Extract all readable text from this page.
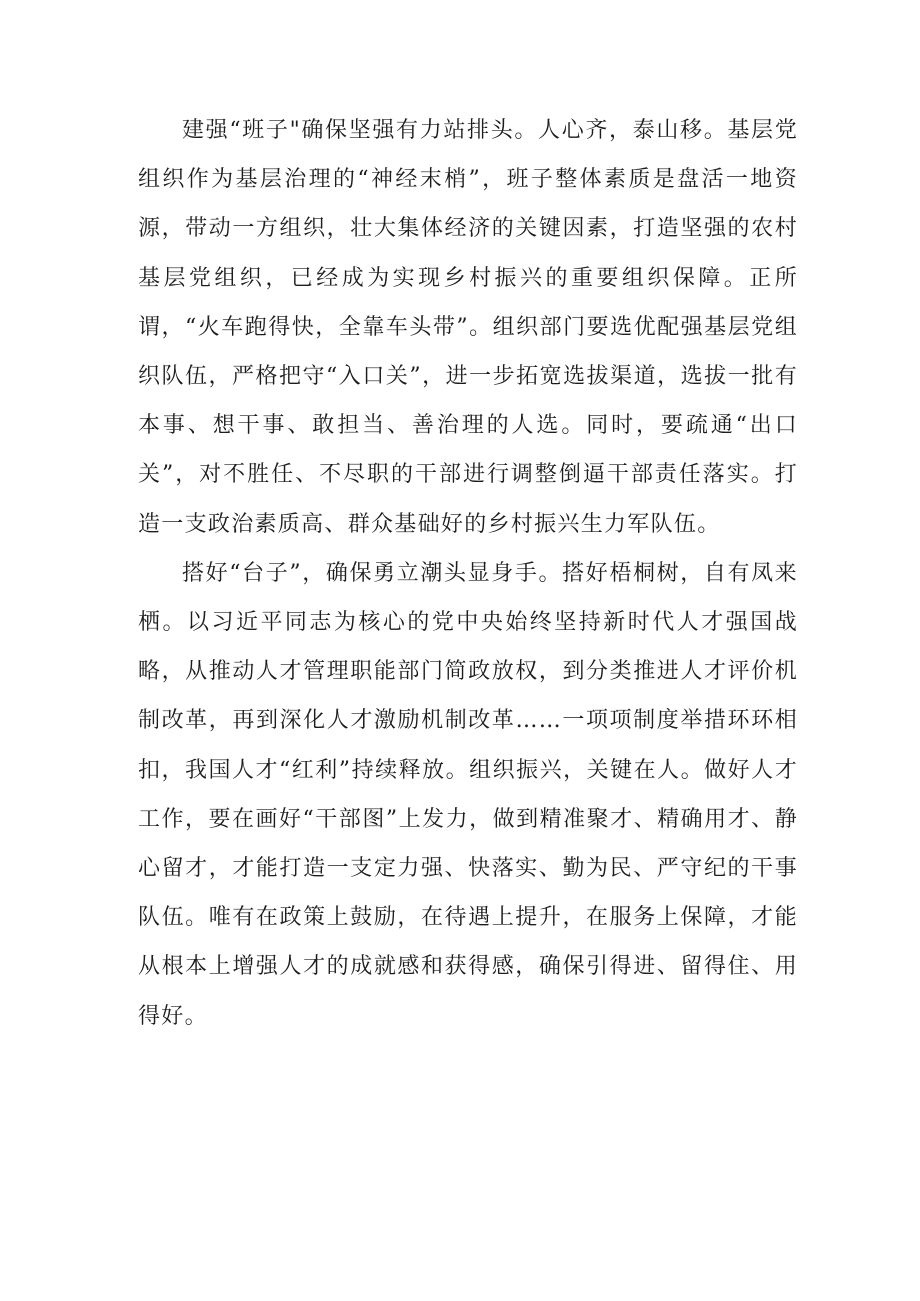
建强“班子"确保坚强有力站排头。人心齐，泰山移。基层党组织作为基层治理的“神经末梢”，班子整体素质是盘活一地资源，带动一方组织，壮大集体经济的关键因素，打造坚强的农村基层党组织，已经成为实现乡村振兴的重要组织保障。正所谓，“火车跑得快，全靠车头带”。组织部门要选优配强基层党组织队伍，严格把守“入口关”，进一步拓宽选拔渠道，选拔一批有本事、想干事、敢担当、善治理的人选。同时，要疏通“出口关”，对不胜任、不尽职的干部进行调整倒逼干部责任落实。打造一支政治素质高、群众基础好的乡村振兴生力军队伍。

搭好“台子”，确保勇立潮头显身手。搭好梧桐树，自有凤来栖。以习近平同志为核心的党中央始终坚持新时代人才强国战略，从推动人才管理职能部门简政放权，到分类推进人才评价机制改革，再到深化人才激励机制改革……一项项制度举措环环相扣，我国人才“红利”持续释放。组织振兴，关键在人。做好人才工作，要在画好“干部图”上发力，做到精准聚才、精确用才、静心留才，才能打造一支定力强、快落实、勤为民、严守纪的干事队伍。唯有在政策上鼓励，在待遇上提升，在服务上保障，才能从根本上增强人才的成就感和获得感，确保引得进、留得住、用得好。
